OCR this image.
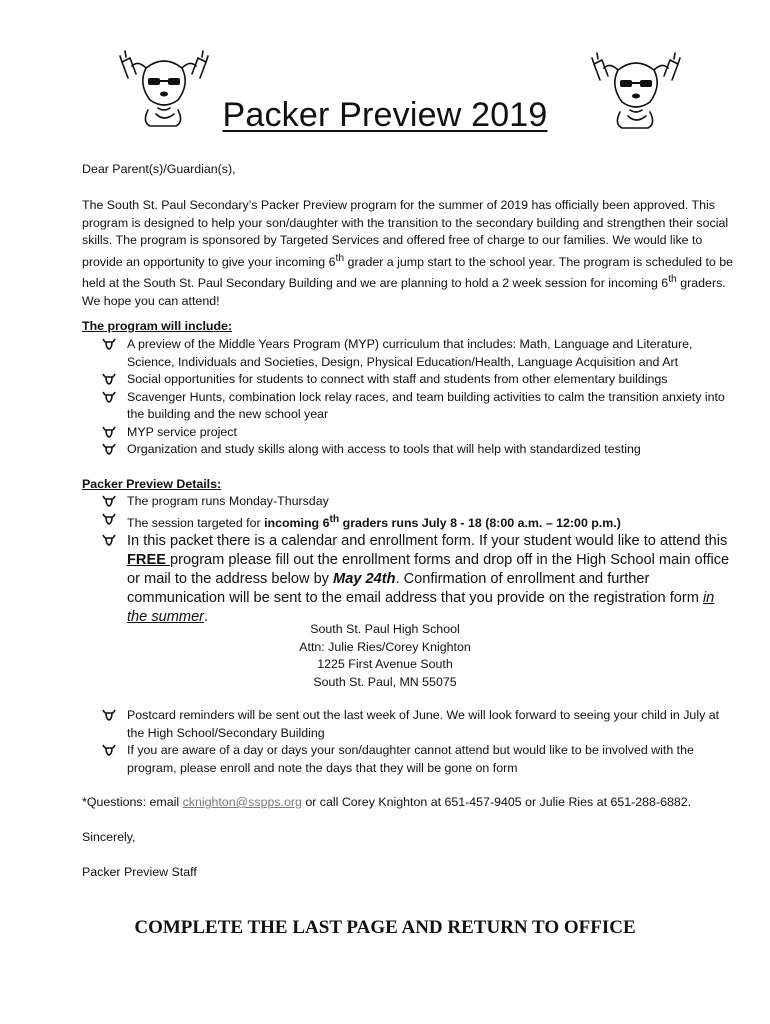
Packer Preview 2019

Dear Parent(s)/Guardian(s),

The South St. Paul Secondary’s Packer Preview program for the summer of 2019 has officially been approved. This program is designed to help your son/daughter with the transition to the secondary building and strengthen their social skills. The program is sponsored by Targeted Services and offered free of charge to our families. We would like to provide an opportunity to give your incoming 6th grader a jump start to the school year. The program is scheduled to be held at the South St. Paul Secondary Building and we are planning to hold a 2 week session for incoming 6th graders. We hope you can attend!

The program will include:

A preview of the Middle Years Program (MYP) curriculum that includes: Math, Language and Literature, Science, Individuals and Societies, Design, Physical Education/Health, Language Acquisition and Art
Social opportunities for students to connect with staff and students from other elementary buildings
Scavenger Hunts, combination lock relay races, and team building activities to calm the transition anxiety into the building and the new school year
MYP service project
Organization and study skills along with access to tools that will help with standardized testing

Packer Preview Details:

The program runs Monday-Thursday
The session targeted for incoming 6th graders runs July 8 - 18 (8:00 a.m. – 12:00 p.m.)
In this packet there is a calendar and enrollment form. If your student would like to attend this FREE program please fill out the enrollment forms and drop off in the High School main office or mail to the address below by May 24th. Confirmation of enrollment and further communication will be sent to the email address that you provide on the registration form in the summer.
South St. Paul High School
Attn: Julie Ries/Corey Knighton
1225 First Avenue South
South St. Paul, MN 55075
Postcard reminders will be sent out the last week of June. We will look forward to seeing your child in July at the High School/Secondary Building
If you are aware of a day or days your son/daughter cannot attend but would like to be involved with the program, please enroll and note the days that they will be gone on form

*Questions: email cknighton@sspps.org or call Corey Knighton at 651-457-9405 or Julie Ries at 651-288-6882.

Sincerely,

Packer Preview Staff

COMPLETE THE LAST PAGE AND RETURN TO OFFICE
